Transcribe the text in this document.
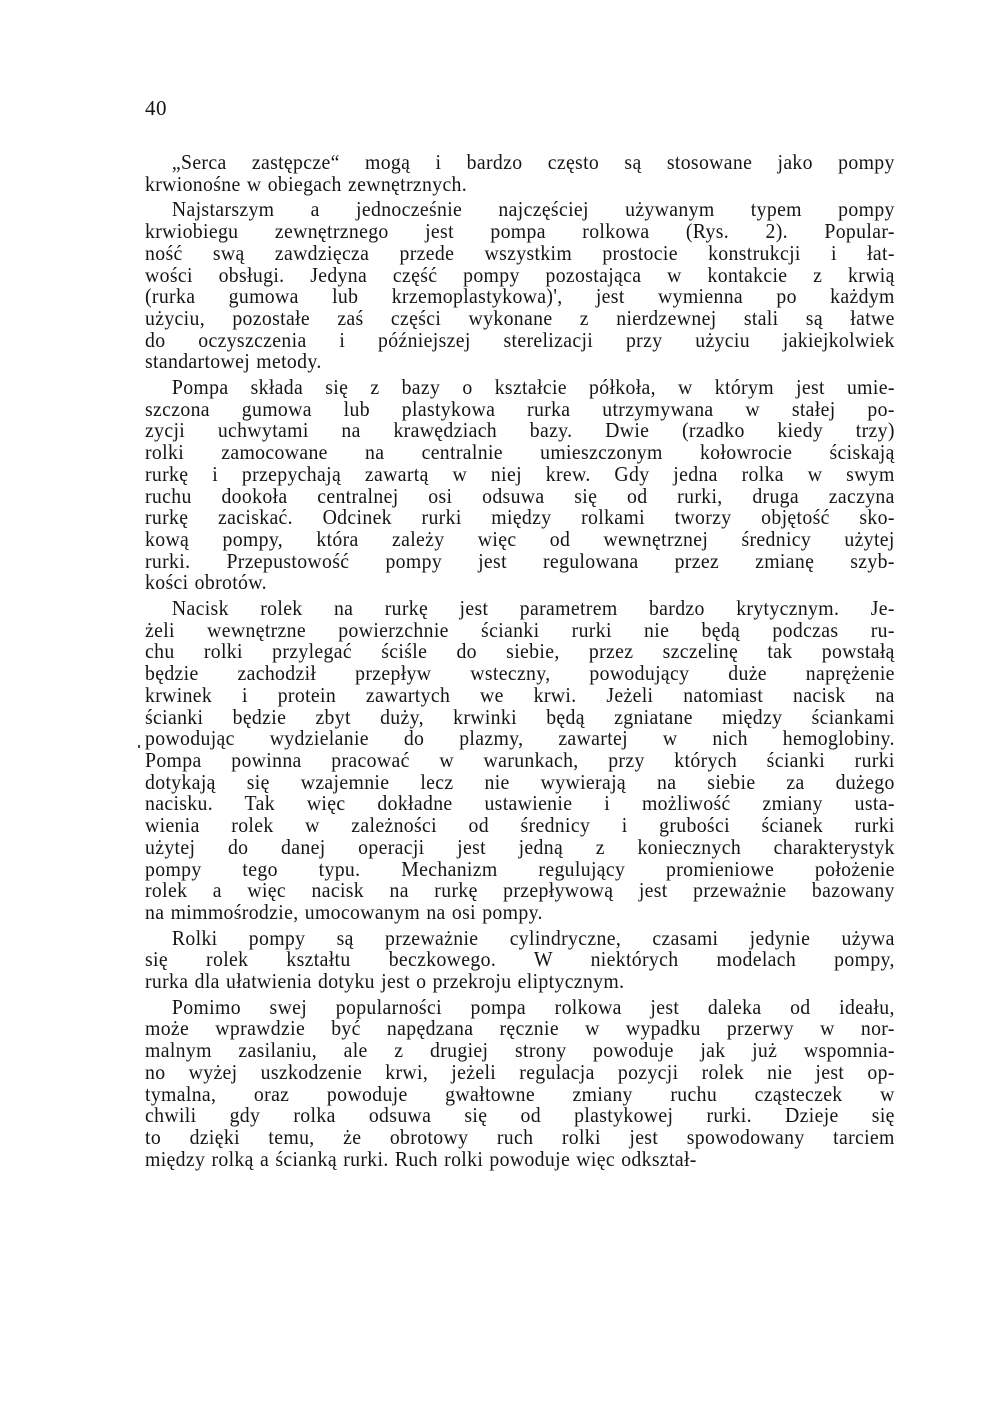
40
„Serca zastępcze“ mogą i bardzo często są stosowane jako pompy
krwionośne w obiegach zewnętrznych.
Najstarszym a jednocześnie najczęściej używanym typem pompy
krwiobiegu zewnętrznego jest pompa rolkowa (Rys. 2). Popular-
ność swą zawdzięcza przede wszystkim prostocie konstrukcji i łat-
wości obsługi. Jedyna część pompy pozostająca w kontakcie z krwią
(rurka gumowa lub krzemoplastykowa)', jest wymienna po każdym
użyciu, pozostałe zaś części wykonane z nierdzewnej stali są łatwe
do oczyszczenia i późniejszej sterelizacji przy użyciu jakiejkolwiek
standartowej metody.
Pompa składa się z bazy o kształcie półkoła, w którym jest umie-
szczona gumowa lub plastykowa rurka utrzymywana w stałej po-
zycji uchwytami na krawędziach bazy. Dwie (rzadko kiedy trzy)
rolki zamocowane na centralnie umieszczonym kołowrocie ściskają
rurkę i przepychają zawartą w niej krew. Gdy jedna rolka w swym
ruchu dookoła centralnej osi odsuwa się od rurki, druga zaczyna
rurkę zaciskać. Odcinek rurki między rolkami tworzy objętość sko-
kową pompy, która zależy więc od wewnętrznej średnicy użytej
rurki. Przepustowość pompy jest regulowana przez zmianę szyb-
kości obrotów.
Nacisk rolek na rurkę jest parametrem bardzo krytycznym. Je-
żeli wewnętrzne powierzchnie ścianki rurki nie będą podczas ru-
chu rolki przylegać ściśle do siebie, przez szczelinę tak powstałą
będzie zachodził przepływ wsteczny, powodujący duże naprężenie
krwinek i protein zawartych we krwi. Jeżeli natomiast nacisk na
ścianki będzie zbyt duży, krwinki będą zgniatane między ściankami
powodując wydzielanie do plazmy, zawartej w nich hemoglobiny.
Pompa powinna pracować w warunkach, przy których ścianki rurki
dotykają się wzajemnie lecz nie wywierają na siebie za dużego
nacisku. Tak więc dokładne ustawienie i możliwość zmiany usta-
wienia rolek w zależności od średnicy i grubości ścianek rurki
użytej do danej operacji jest jedną z koniecznych charakterystyk
pompy tego typu. Mechanizm regulujący promieniowe położenie
rolek a więc nacisk na rurkę przepływową jest przeważnie bazowany
na mimmośrodzie, umocowanym na osi pompy.
Rolki pompy są przeważnie cylindryczne, czasami jedynie używa
się rolek kształtu beczkowego. W niektórych modelach pompy,
rurka dla ułatwienia dotyku jest o przekroju eliptycznym.
Pomimo swej popularności pompa rolkowa jest daleka od ideału,
może wprawdzie być napędzana ręcznie w wypadku przerwy w nor-
malnym zasilaniu, ale z drugiej strony powoduje jak już wspomnia-
no wyżej uszkodzenie krwi, jeżeli regulacja pozycji rolek nie jest op-
tymalna, oraz powoduje gwałtowne zmiany ruchu cząsteczek w
chwili gdy rolka odsuwa się od plastykowej rurki. Dzieje się
to dzięki temu, że obrotowy ruch rolki jest spowodowany tarciem
między rolką a ścianką rurki. Ruch rolki powoduje więc odkształ-
